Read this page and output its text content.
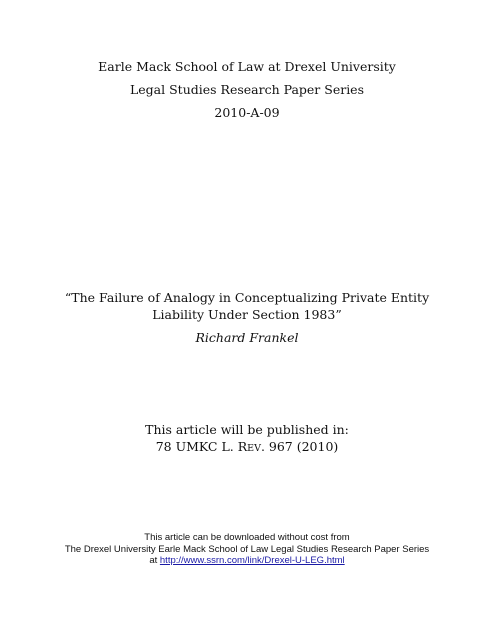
Earle Mack School of Law at Drexel University
Legal Studies Research Paper Series
2010-A-09
“The Failure of Analogy in Conceptualizing Private Entity
Liability Under Section 1983”
Richard Frankel
This article will be published in:
78 UMKC L. REV. 967 (2010)
This article can be downloaded without cost from
The Drexel University Earle Mack School of Law Legal Studies Research Paper Series
at http://www.ssrn.com/link/Drexel-U-LEG.html
